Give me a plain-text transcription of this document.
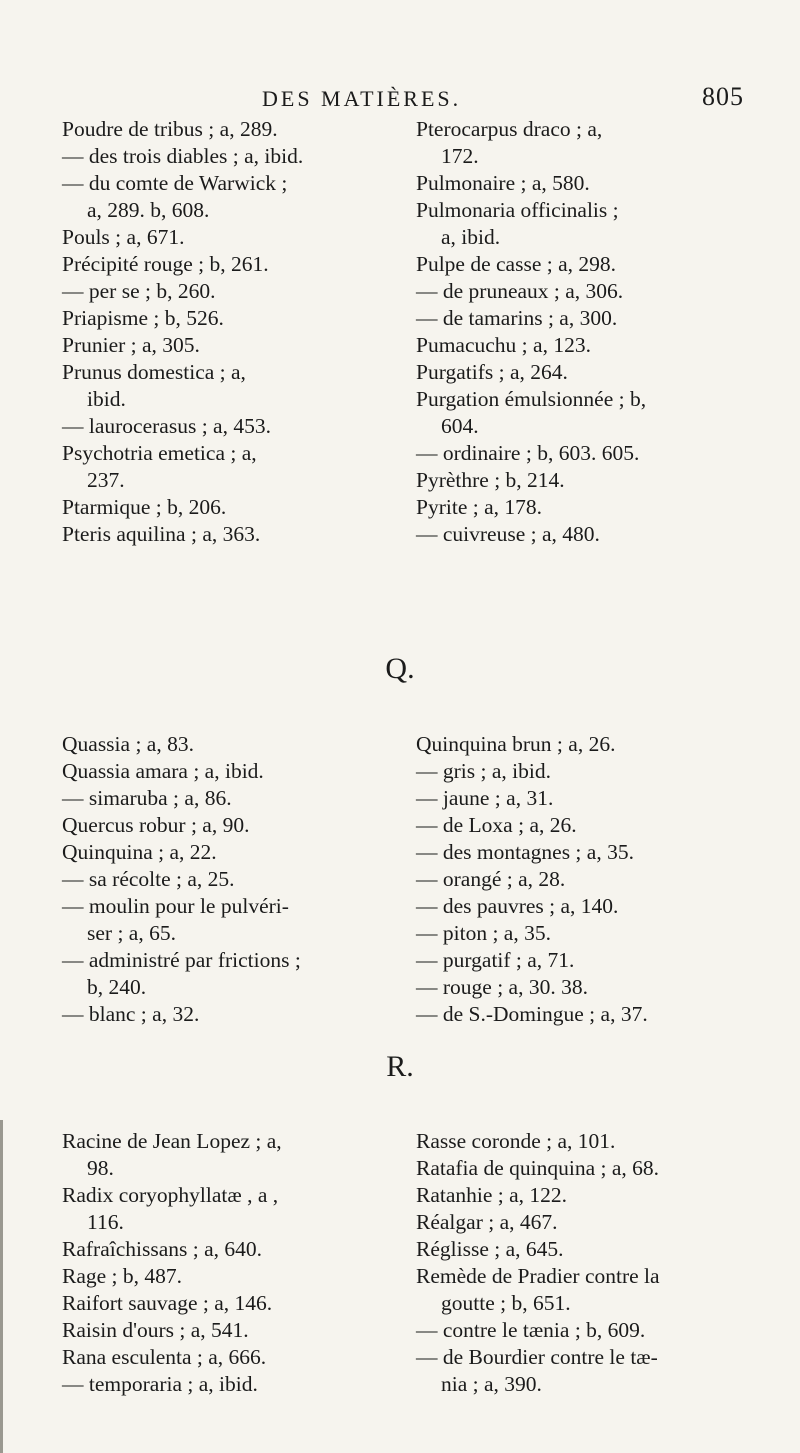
DES MATIÈRES.	805
Poudre de tribus ; a, 289.
— des trois diables ; a, ibid.
— du comte de Warwick ;
a, 289. b, 608.
Pouls ; a, 671.
Précipité rouge ; b, 261.
— per se ; b, 260.
Priapisme ; b, 526.
Prunier ; a, 305.
Prunus domestica ; a,
ibid.
— laurocerasus ; a, 453.
Psychotria emetica ; a,
237.
Ptarmique ; b, 206.
Pteris aquilina ; a, 363.
Pterocarpus draco ; a,
172.
Pulmonaire ; a, 580.
Pulmonaria officinalis ;
a, ibid.
Pulpe de casse ; a, 298.
— de pruneaux ; a, 306.
— de tamarins ; a, 300.
Pumacuchu ; a, 123.
Purgatifs ; a, 264.
Purgation émulsionnée ; b,
604.
— ordinaire ; b, 603. 605.
Pyrèthre ; b, 214.
Pyrite ; a, 178.
— cuivreuse ; a, 480.
Q.
Quassia ; a, 83.
Quassia amara ; a, ibid.
— simaruba ; a, 86.
Quercus robur ; a, 90.
Quinquina ; a, 22.
— sa récolte ; a, 25.
— moulin pour le pulvéri-
ser ; a, 65.
— administré par frictions ;
b, 240.
— blanc ; a, 32.
Quinquina brun ; a, 26.
— gris ; a, ibid.
— jaune ; a, 31.
— de Loxa ; a, 26.
— des montagnes ; a, 35.
— orangé ; a, 28.
— des pauvres ; a, 140.
— piton ; a, 35.
— purgatif ; a, 71.
— rouge ; a, 30. 38.
— de S.-Domingue ; a, 37.
R.
Racine de Jean Lopez ; a,
98.
Radix coryophyllatæ , a ,
116.
Rafraîchissans ; a, 640.
Rage ; b, 487.
Raifort sauvage ; a, 146.
Raisin d'ours ; a, 541.
Rana esculenta ; a, 666.
— temporaria ; a, ibid.
Rasse coronde ; a, 101.
Ratafia de quinquina ; a, 68.
Ratanhie ; a, 122.
Réalgar ; a, 467.
Réglisse ; a, 645.
Remède de Pradier contre la
goutte ; b, 651.
— contre le tænia ; b, 609.
— de Bourdier contre le tæ-
nia ; a, 390.
